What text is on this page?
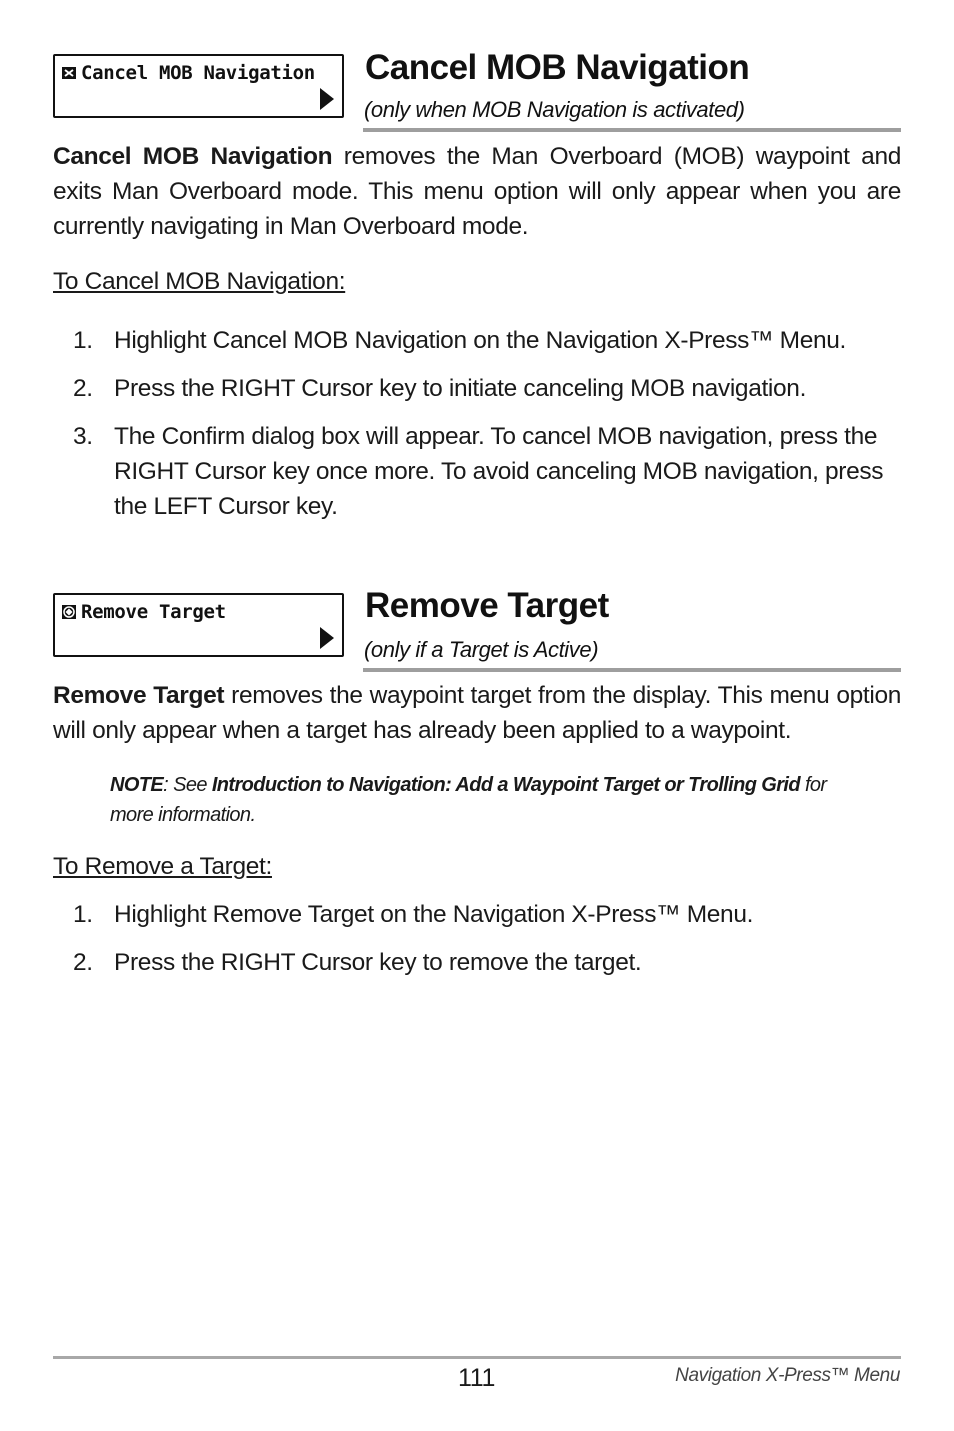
Cancel MOB Navigation Cancel MOB Navigation
(only when MOB Navigation is activated)
Cancel MOB Navigation removes the Man Overboard (MOB) waypoint and exits Man Overboard mode. This menu option will only appear when you are currently navigating in Man Overboard mode.
To Cancel MOB Navigation:
1. Highlight Cancel MOB Navigation on the Navigation X-Press™ Menu.
2. Press the RIGHT Cursor key to initiate canceling MOB navigation.
3. The Confirm dialog box will appear. To cancel MOB navigation, press the RIGHT Cursor key once more. To avoid canceling MOB navigation, press the LEFT Cursor key.
Remove Target	Remove Target
(only if a Target is Active)
Remove Target removes the waypoint target from the display. This menu option will only appear when a target has already been applied to a waypoint.
NOTE: See Introduction to Navigation: Add a Waypoint Target or Trolling Grid for more information.
To Remove a Target:
1. Highlight Remove Target on the Navigation X-Press™ Menu.
2. Press the RIGHT Cursor key to remove the target.
111	Navigation X-Press™ Menu
